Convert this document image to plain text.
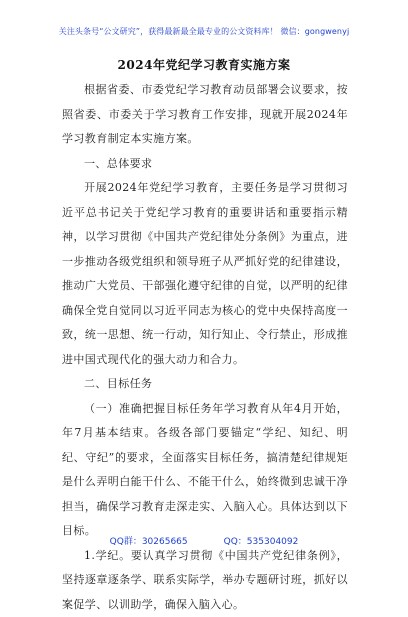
关注头条号“公文研究”，获得最新最全最专业的公文资料库！ 微信：gongwenyj
2024年党纪学习教育实施方案

根据省委、市委党纪学习教育动员部署会议要求，按照省委、市委关于学习教育工作安排，现就开展2024年学习教育制定本实施方案。

一、总体要求

开展2024年党纪学习教育，主要任务是学习贯彻习近平总书记关于党纪学习教育的重要讲话和重要指示精神，以学习贯彻《中国共产党纪律处分条例》为重点，进一步推动各级党组织和领导班子从严抓好党的纪律建设，推动广大党员、干部强化遵守纪律的自觉，以严明的纪律确保全党自觉同以习近平同志为核心的党中央保持高度一致，统一思想、统一行动，知行知止、令行禁止，形成推进中国式现代化的强大动力和合力。

二、目标任务

（一）准确把握目标任务年学习教育从年4月开始，年7月基本结束。各级各部门要锚定“学纪、知纪、明纪、守纪”的要求，全面落实目标任务，搞清楚纪律规矩是什么弄明白能干什么、不能干什么，始终微到忠诚干净担当，确保学习教育走深走实、入脑入心。具体达到以下目标。

1.学纪。要认真学习贯彻《中国共产党纪律条例》，坚持逐章逐条学、联系实际学，举办专题研讨班，抓好以案促学、以训助学，确保入脑入心。

QQ群：30265665	QQ：535304092
